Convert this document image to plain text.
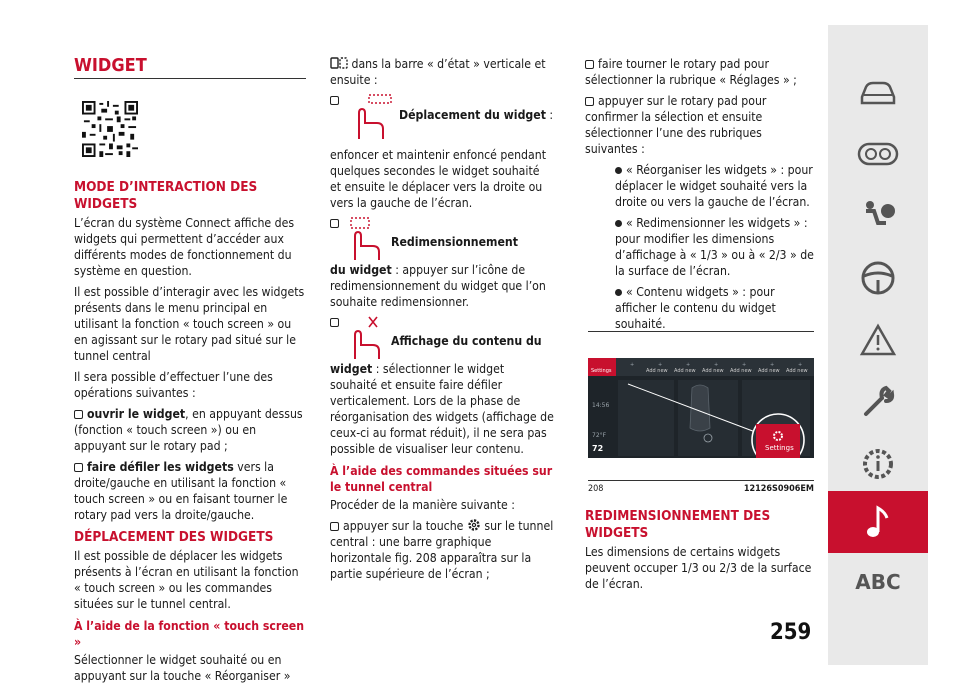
WIDGET
MODE D’INTERACTION DES WIDGETS

L’écran du système Connect affiche des widgets qui permettent d’accéder aux différents modes de fonctionnement du système en question.

Il est possible d’interagir avec les widgets présents dans le menu principal en utilisant la fonction « touch screen » ou en agissant sur le rotary pad situé sur le tunnel central

Il sera possible d’effectuer l’une des opérations suivantes :

ouvrir le widget, en appuyant dessus (fonction « touch screen ») ou en appuyant sur le rotary pad ;

faire défiler les widgets vers la droite/gauche en utilisant la fonction « touch screen » ou en faisant tourner le rotary pad vers la droite/gauche.

DÉPLACEMENT DES WIDGETS

Il est possible de déplacer les widgets présents à l’écran en utilisant la fonction « touch screen » ou les commandes situées sur le tunnel central.

À l’aide de la fonction « touch screen »

Sélectionner le widget souhaité ou en appuyant sur la touche « Réorganiser »

dans la barre « d’état » verticale et ensuite :

Déplacement du widget :

enfoncer et maintenir enfoncé pendant quelques secondes le widget souhaité et ensuite le déplacer vers la droite ou vers la gauche de l’écran.

Redimensionnement

du widget : appuyer sur l’icône de redimensionnement du widget que l’on souhaite redimensionner.

Affichage du contenu du

widget : sélectionner le widget souhaité et ensuite faire défiler verticalement. Lors de la phase de réorganisation des widgets (affichage de ceux-ci au format réduit), il ne sera pas possible de visualiser leur contenu.

À l’aide des commandes situées sur le tunnel central

Procéder de la manière suivante :

appuyer sur la touche sur le tunnel central : une barre graphique horizontale fig. 208 apparaîtra sur la partie supérieure de l’écran ;

faire tourner le rotary pad pour sélectionner la rubrique « Réglages » ;

appuyer sur le rotary pad pour confirmer la sélection et ensuite sélectionner l’une des rubriques suivantes :

« Réorganiser les widgets » : pour déplacer le widget souhaité vers la droite ou vers la gauche de l’écran.

« Redimensionner les widgets » : pour modifier les dimensions d’affichage à « 1/3 » ou à « 2/3 » de la surface de l’écran.

« Contenu widgets » : pour afficher le contenu du widget souhaité.

+	+	+	+	+	+	+
Settings	Add new Add new Add new Add new Add new Add new
14:56
72°F
72	Settings
208	12126S0906EM
REDIMENSIONNEMENT DES WIDGETS

Les dimensions de certains widgets peuvent occuper 1/3 ou 2/3 de la surface de l’écran.

259
ABC
